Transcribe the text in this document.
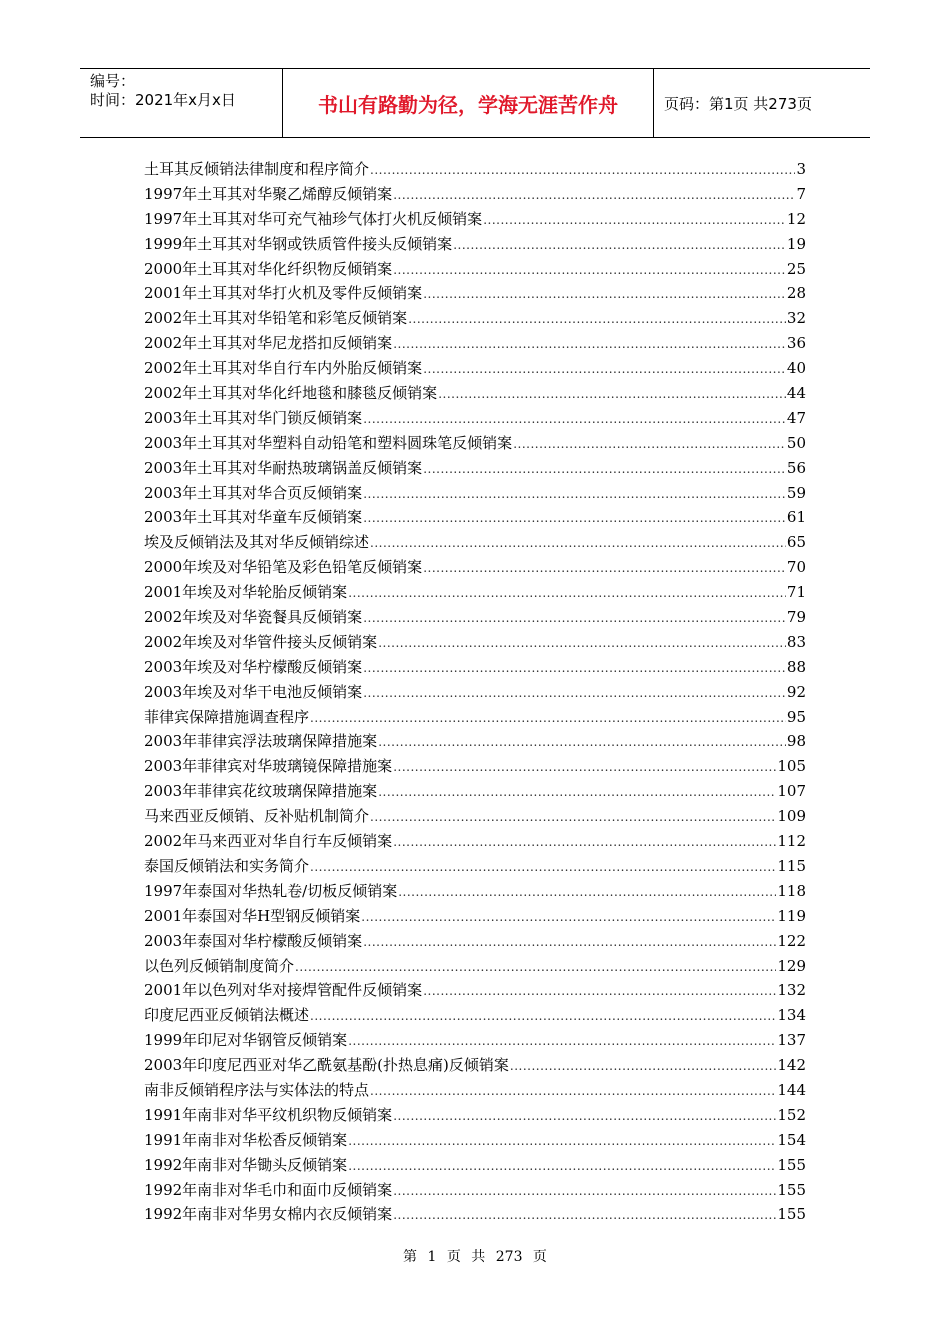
编号：
时间：2021年x月x日	书山有路勤为径，学海无涯苦作舟	页码：第1页 共273页
土耳其反倾销法律制度和程序简介 .....	3
1997年土耳其对华聚乙烯醇反倾销案 .....	7
1997年土耳其对华可充气袖珍气体打火机反倾销案 .....	12
1999年土耳其对华钢或铁质管件接头反倾销案 .....	19
2000年土耳其对华化纤织物反倾销案 .....	25
2001年土耳其对华打火机及零件反倾销案 .....	28
2002年土耳其对华铅笔和彩笔反倾销案 .....	32
2002年土耳其对华尼龙搭扣反倾销案 .....	36
2002年土耳其对华自行车内外胎反倾销案 .....	40
2002年土耳其对华化纤地毯和膝毯反倾销案 .....	44
2003年土耳其对华门锁反倾销案 .....	47
2003年土耳其对华塑料自动铅笔和塑料圆珠笔反倾销案 .....	50
2003年土耳其对华耐热玻璃锅盖反倾销案 .....	56
2003年土耳其对华合页反倾销案 .....	59
2003年土耳其对华童车反倾销案 .....	61
埃及反倾销法及其对华反倾销综述 .....	65
2000年埃及对华铅笔及彩色铅笔反倾销案 .....	70
2001年埃及对华轮胎反倾销案 .....	71
2002年埃及对华瓷餐具反倾销案 .....	79
2002年埃及对华管件接头反倾销案 .....	83
2003年埃及对华柠檬酸反倾销案 .....	88
2003年埃及对华干电池反倾销案 .....	92
菲律宾保障措施调查程序 .....	95
2003年菲律宾浮法玻璃保障措施案 .....	98
2003年菲律宾对华玻璃镜保障措施案 .....	105
2003年菲律宾花纹玻璃保障措施案 .....	107
马来西亚反倾销、反补贴机制简介 .....	109
2002年马来西亚对华自行车反倾销案 .....	112
泰国反倾销法和实务简介 .....	115
1997年泰国对华热轧卷/切板反倾销案 .....	118
2001年泰国对华H型钢反倾销案 .....	119
2003年泰国对华柠檬酸反倾销案 .....	122
以色列反倾销制度简介 .....	129
2001年以色列对华对接焊管配件反倾销案 .....	132
印度尼西亚反倾销法概述 .....	134
1999年印尼对华钢管反倾销案 .....	137
2003年印度尼西亚对华乙酰氨基酚(扑热息痛)反倾销案 .....	142
南非反倾销程序法与实体法的特点 .....	144
1991年南非对华平纹机织物反倾销案 .....	152
1991年南非对华松香反倾销案 .....	154
1992年南非对华锄头反倾销案 .....	155
1992年南非对华毛巾和面巾反倾销案 .....	155
1992年南非对华男女棉内衣反倾销案 .....	155
第 1 页 共 273 页
